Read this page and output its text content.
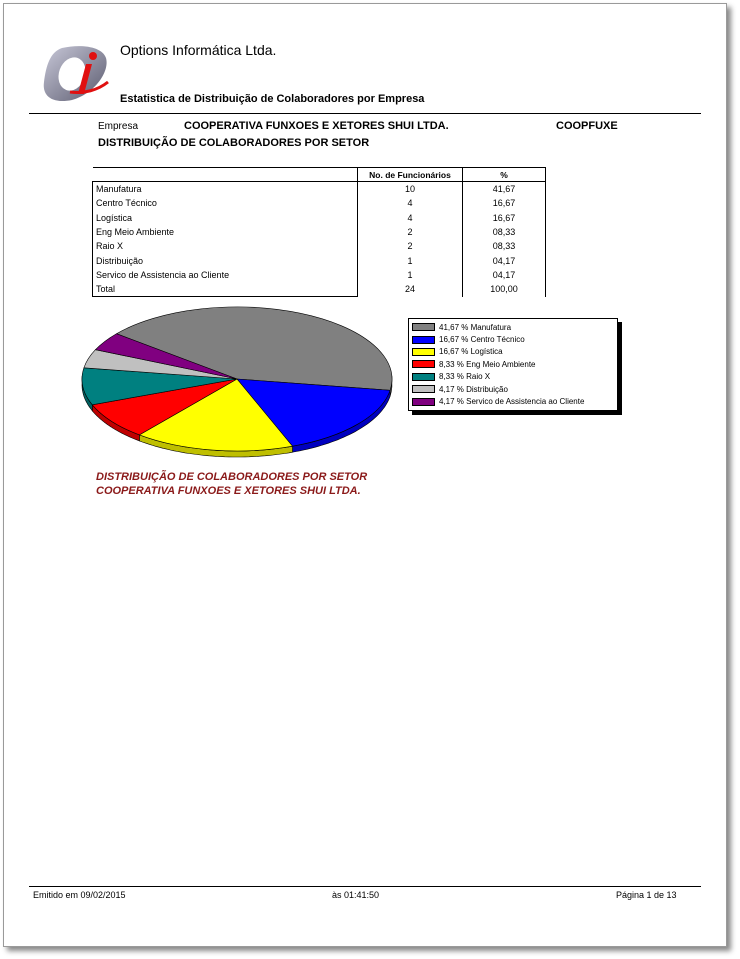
Options Informática Ltda.
Estatistica de Distribuição de Colaboradores por Empresa
Empresa	COOPERATIVA FUNXOES E XETORES SHUI LTDA.	COOPFUXE
DISTRIBUIÇÃO DE COLABORADORES POR SETOR
	No. de Funcionários	%
Manufatura	10	41,67
Centro Técnico	4	16,67
Logística	4	16,67
Eng Meio Ambiente	2	08,33
Raio X	2	08,33
Distribuição	1	04,17
Servico de Assistencia ao Cliente	1	04,17
Total	24	100,00
41,67 % Manufatura
16,67 % Centro Técnico
16,67 % Logística
8,33 % Eng Meio Ambiente
8,33 % Raio X
4,17 % Distribuição
4,17 % Servico de Assistencia ao Cliente
DISTRIBUIÇÃO DE COLABORADORES POR SETOR
COOPERATIVA FUNXOES E XETORES SHUI LTDA.
Emitido em 09/02/2015	às 01:41:50	Página 1 de 13
